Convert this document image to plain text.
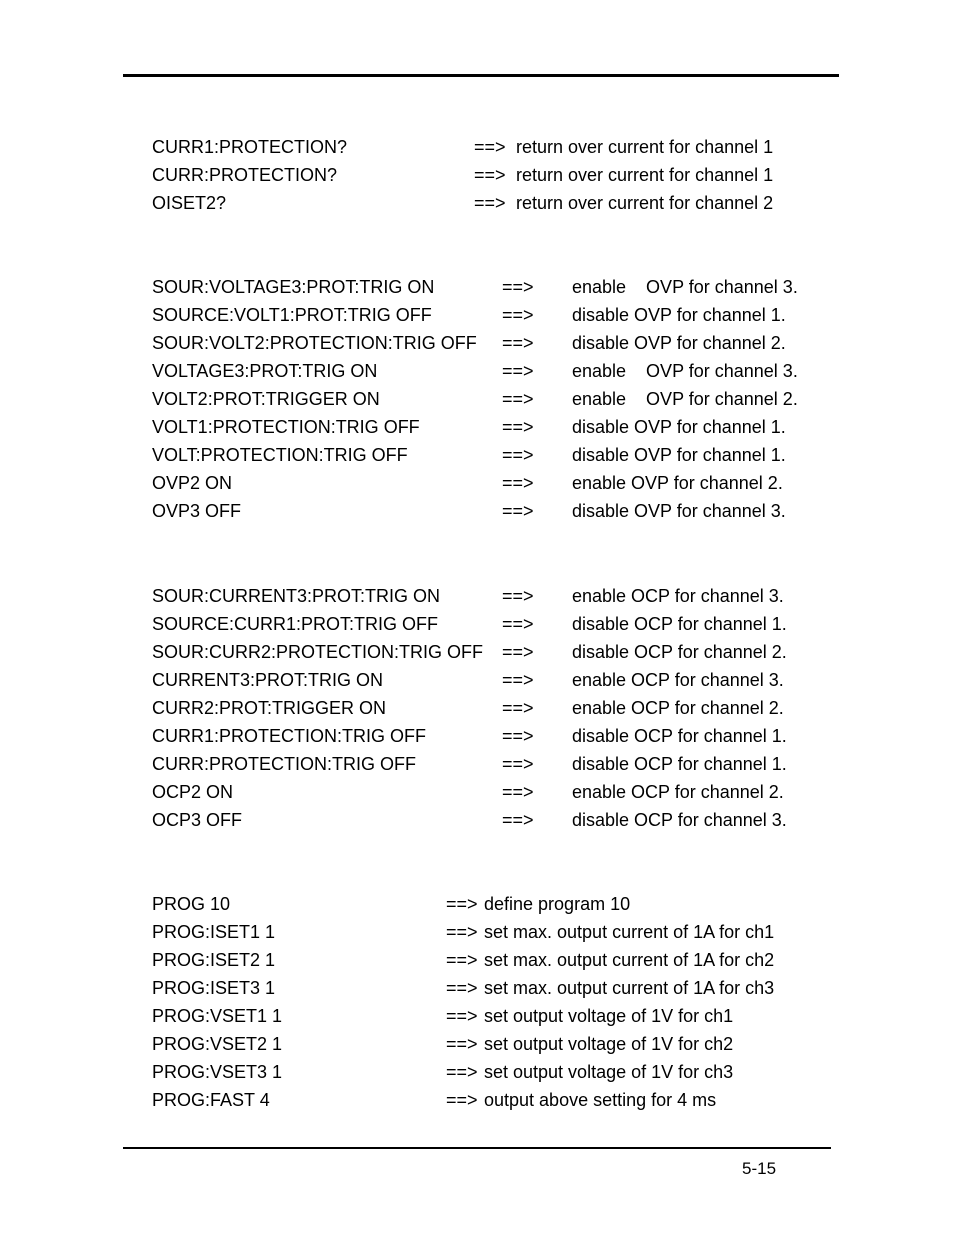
CURR1:PROTECTION?	==> return over current for channel 1
CURR:PROTECTION?	==> return over current for channel 1
OISET2?	==> return over current for channel 2
SOUR:VOLTAGE3:PROT:TRIG ON	==> enable    OVP for channel 3.
SOURCE:VOLT1:PROT:TRIG OFF	==> disable OVP for channel 1.
SOUR:VOLT2:PROTECTION:TRIG OFF ==> disable OVP for channel 2.
VOLTAGE3:PROT:TRIG ON	==> enable    OVP for channel 3.
VOLT2:PROT:TRIGGER ON	==> enable    OVP for channel 2.
VOLT1:PROTECTION:TRIG OFF	==> disable OVP for channel 1.
VOLT:PROTECTION:TRIG OFF	==> disable OVP for channel 1.
OVP2 ON	==> enable OVP for channel 2.
OVP3 OFF	==> disable OVP for channel 3.
SOUR:CURRENT3:PROT:TRIG ON	==> enable OCP for channel 3.
SOURCE:CURR1:PROT:TRIG OFF	==> disable OCP for channel 1.
SOUR:CURR2:PROTECTION:TRIG OFF ==> disable OCP for channel 2.
CURRENT3:PROT:TRIG ON	==> enable OCP for channel 3.
CURR2:PROT:TRIGGER ON	==> enable OCP for channel 2.
CURR1:PROTECTION:TRIG OFF	==> disable OCP for channel 1.
CURR:PROTECTION:TRIG OFF	==> disable OCP for channel 1.
OCP2 ON	==> enable OCP for channel 2.
OCP3 OFF	==> disable OCP for channel 3.
PROG 10	==> define program 10
PROG:ISET1 1	==> set max. output current of 1A for ch1
PROG:ISET2 1	==> set max. output current of 1A for ch2
PROG:ISET3 1	==> set max. output current of 1A for ch3
PROG:VSET1 1	==> set output voltage of 1V for ch1
PROG:VSET2 1	==> set output voltage of 1V for ch2
PROG:VSET3 1	==> set output voltage of 1V for ch3
PROG:FAST 4	==> output above setting for 4 ms
5-15
